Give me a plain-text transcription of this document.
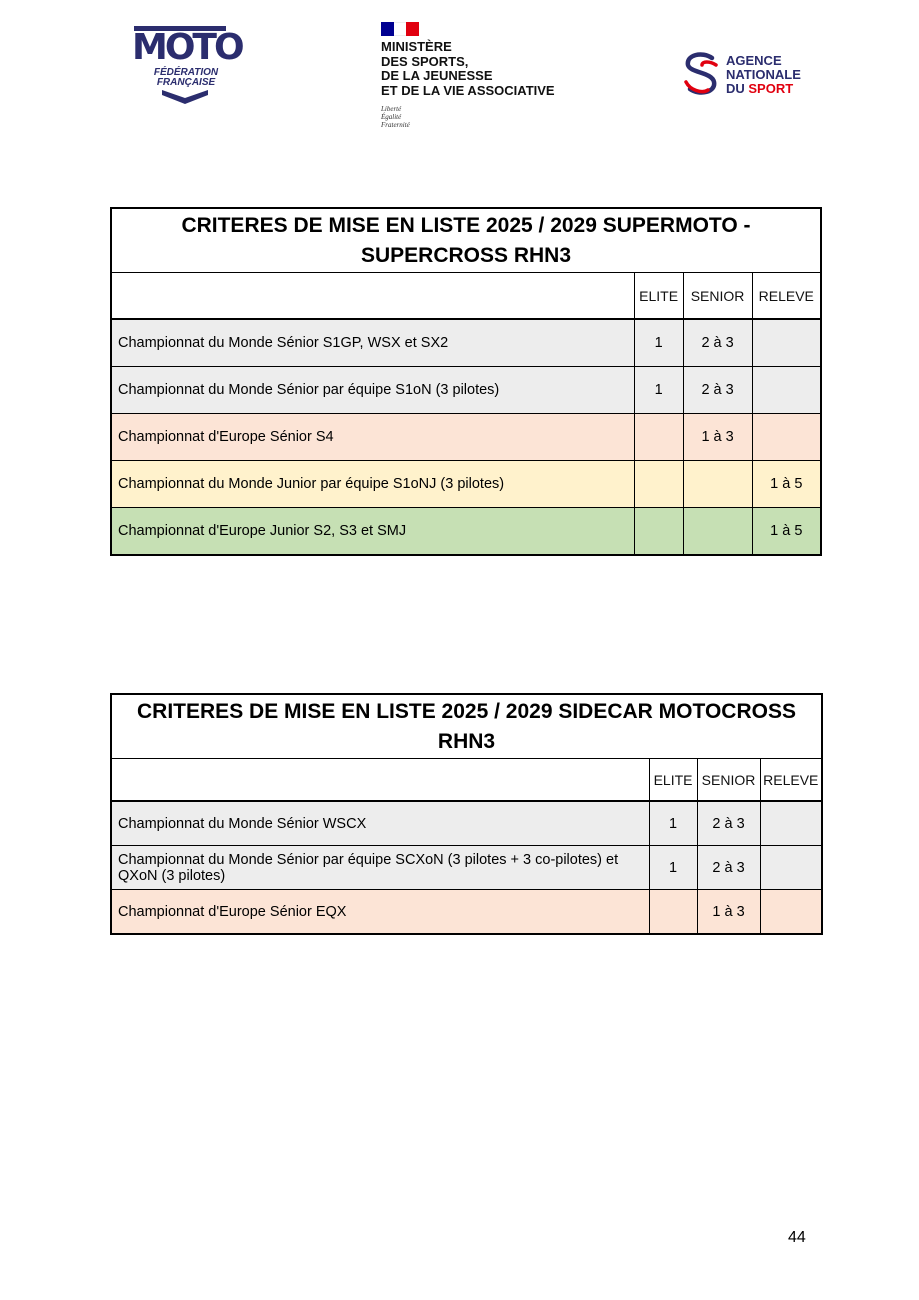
MOTO
FÉDÉRATION
FRANÇAISE
MINISTÈRE
DES SPORTS,
DE LA JEUNESSE
ET DE LA VIE ASSOCIATIVE
Liberté
Égalité
Fraternité
AGENCE
NATIONALE
DU SPORT
CRITERES DE MISE EN LISTE 2025 / 2029 SUPERMOTO - SUPERCROSS RHN3			
	ELITE	SENIOR	RELEVE
Championnat du Monde Sénior S1GP, WSX et SX2	1	2 à 3	
Championnat du Monde Sénior par équipe S1oN (3 pilotes)	1	2 à 3	
Championnat d'Europe Sénior S4		1 à 3	
Championnat du Monde Junior par équipe S1oNJ (3 pilotes)			1 à 5
Championnat d'Europe Junior S2, S3 et SMJ			1 à 5
CRITERES DE MISE EN LISTE 2025 / 2029 SIDECAR MOTOCROSS RHN3			
	ELITE	SENIOR	RELEVE
Championnat du Monde Sénior WSCX	1	2 à 3	
Championnat du Monde Sénior par équipe SCXoN (3 pilotes + 3 co-pilotes) et QXoN (3 pilotes)	1	2 à 3	
Championnat d'Europe Sénior EQX		1 à 3	
44
